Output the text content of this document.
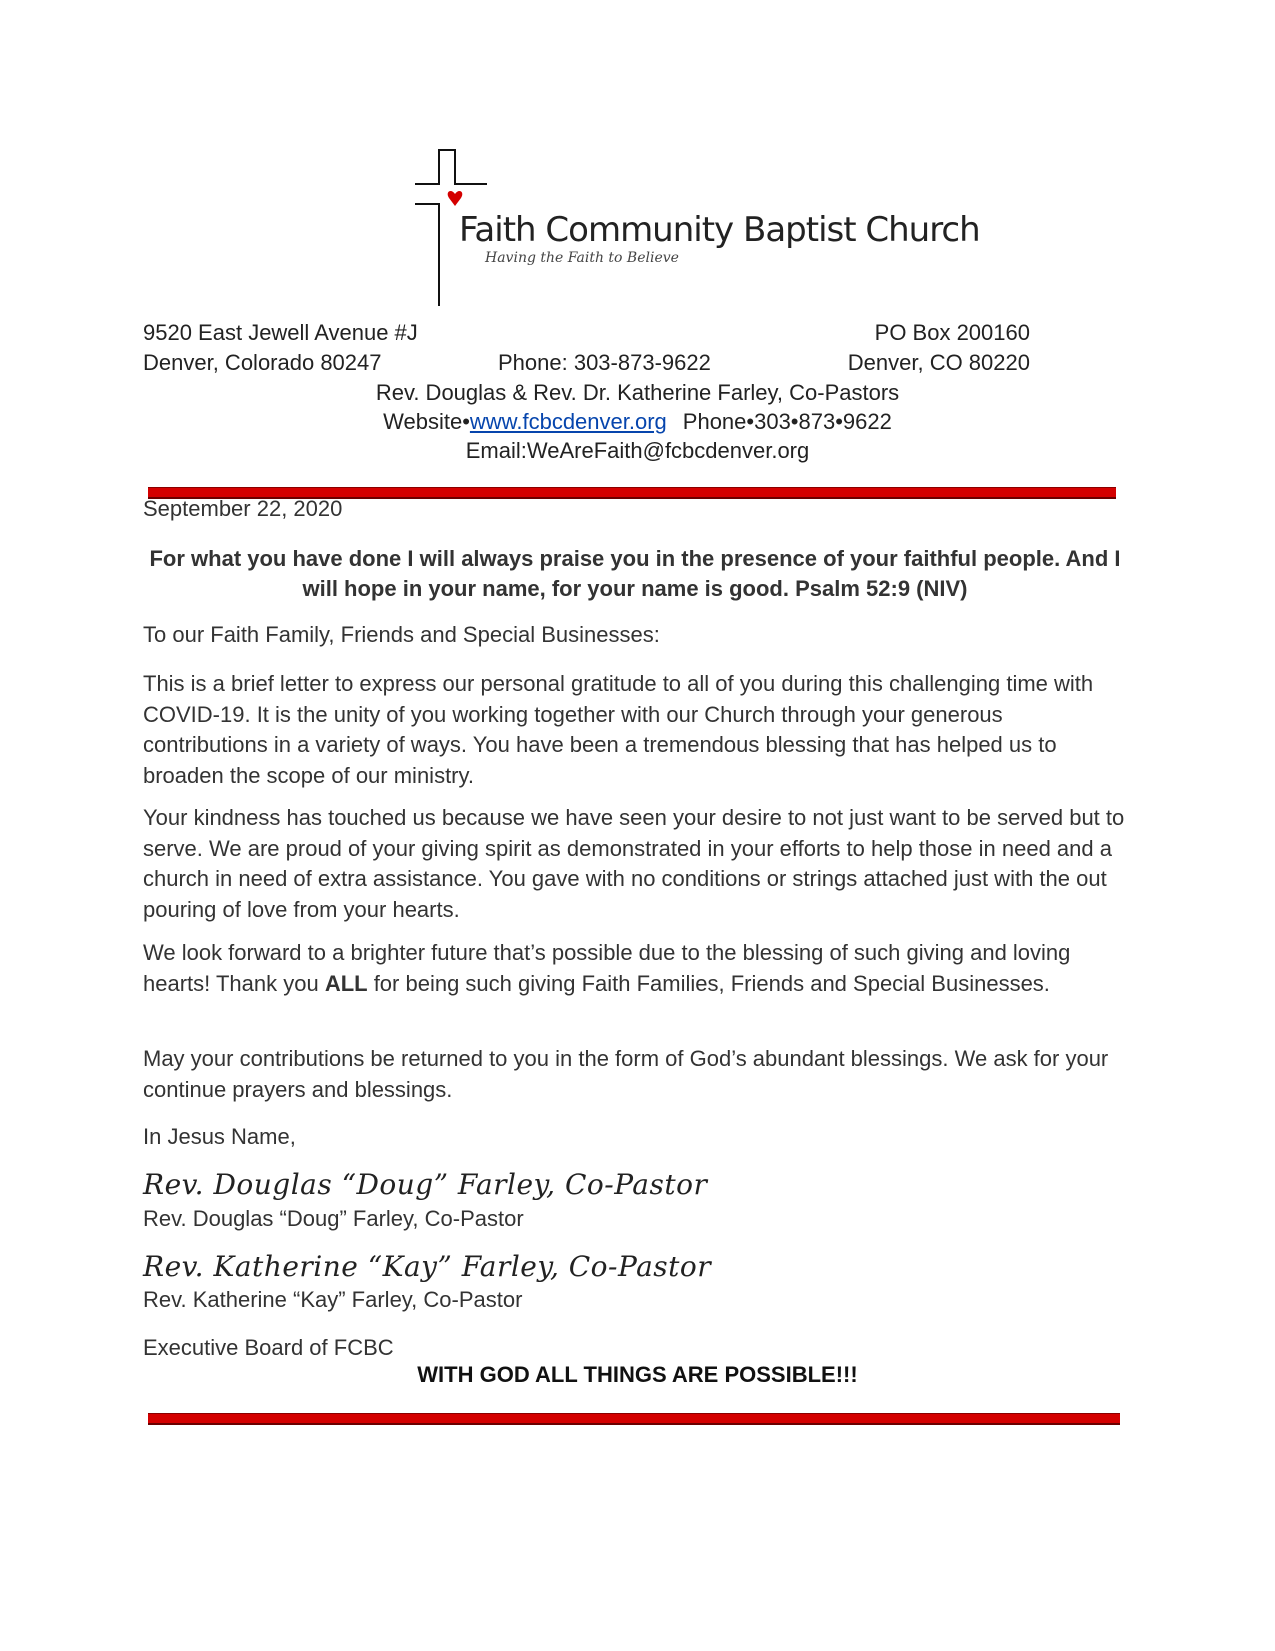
Faith Community Baptist Church
Having the Faith to Believe
9520 East Jewell Avenue #J
Denver, Colorado 80247	Phone: 303-873-9622
PO Box 200160
Denver, CO 80220
Rev. Douglas & Rev. Dr. Katherine Farley, Co-Pastors
Website•www.fcbcdenver.org Phone•303•873•9622
Email:WeAreFaith@fcbcdenver.org
September 22, 2020
For what you have done I will always praise you in the presence of your faithful people. And I will hope in your name, for your name is good. Psalm 52:9 (NIV)
To our Faith Family, Friends and Special Businesses:
This is a brief letter to express our personal gratitude to all of you during this challenging time with COVID-19. It is the unity of you working together with our Church through your generous contributions in a variety of ways. You have been a tremendous blessing that has helped us to broaden the scope of our ministry.
Your kindness has touched us because we have seen your desire to not just want to be served but to serve. We are proud of your giving spirit as demonstrated in your efforts to help those in need and a church in need of extra assistance. You gave with no conditions or strings attached just with the out pouring of love from your hearts.
We look forward to a brighter future that’s possible due to the blessing of such giving and loving hearts! Thank you ALL for being such giving Faith Families, Friends and Special Businesses.
May your contributions be returned to you in the form of God’s abundant blessings. We ask for your continue prayers and blessings.
In Jesus Name,
Rev. Douglas “Doug” Farley, Co-Pastor
Rev. Douglas “Doug” Farley, Co-Pastor
Rev. Katherine “Kay” Farley, Co-Pastor
Rev. Katherine “Kay” Farley, Co-Pastor
Executive Board of FCBC
WITH GOD ALL THINGS ARE POSSIBLE!!!
